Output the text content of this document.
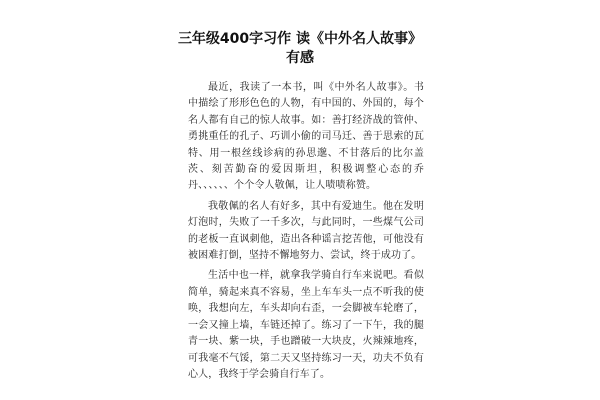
三年级400字习作 读《中外名人故事》
有感

最近，我读了一本书，叫《中外名人故事》。书中描绘了形形色色的人物，有中国的、外国的，每个名人都有自己的惊人故事。如：善打经济战的管仲、勇挑重任的孔子、巧训小偷的司马迁、善于思索的瓦特、用一根丝线诊病的孙思邈、不甘落后的比尔盖茨、刻苦勤奋的爱因斯坦，积极调整心态的乔丹、、、、、、个个令人敬佩，让人啧啧称赞。

我敬佩的名人有好多，其中有爱迪生。他在发明灯泡时，失败了一千多次，与此同时，一些煤气公司的老板一直讽刺他，造出各种谣言挖苦他，可他没有被困难打倒，坚持不懈地努力、尝试，终于成功了。

生活中也一样，就拿我学骑自行车来说吧。看似简单，骑起来真不容易，坐上车车头一点不听我的使唤，我想向左，车头却向右歪，一会脚被车轮磨了，一会又撞上墙，车链还掉了。练习了一下午，我的腿青一块、紫一块，手也蹭破一大块皮，火辣辣地疼，可我毫不气馁，第二天又坚持练习一天，功夫不负有心人，我终于学会骑自行车了。
